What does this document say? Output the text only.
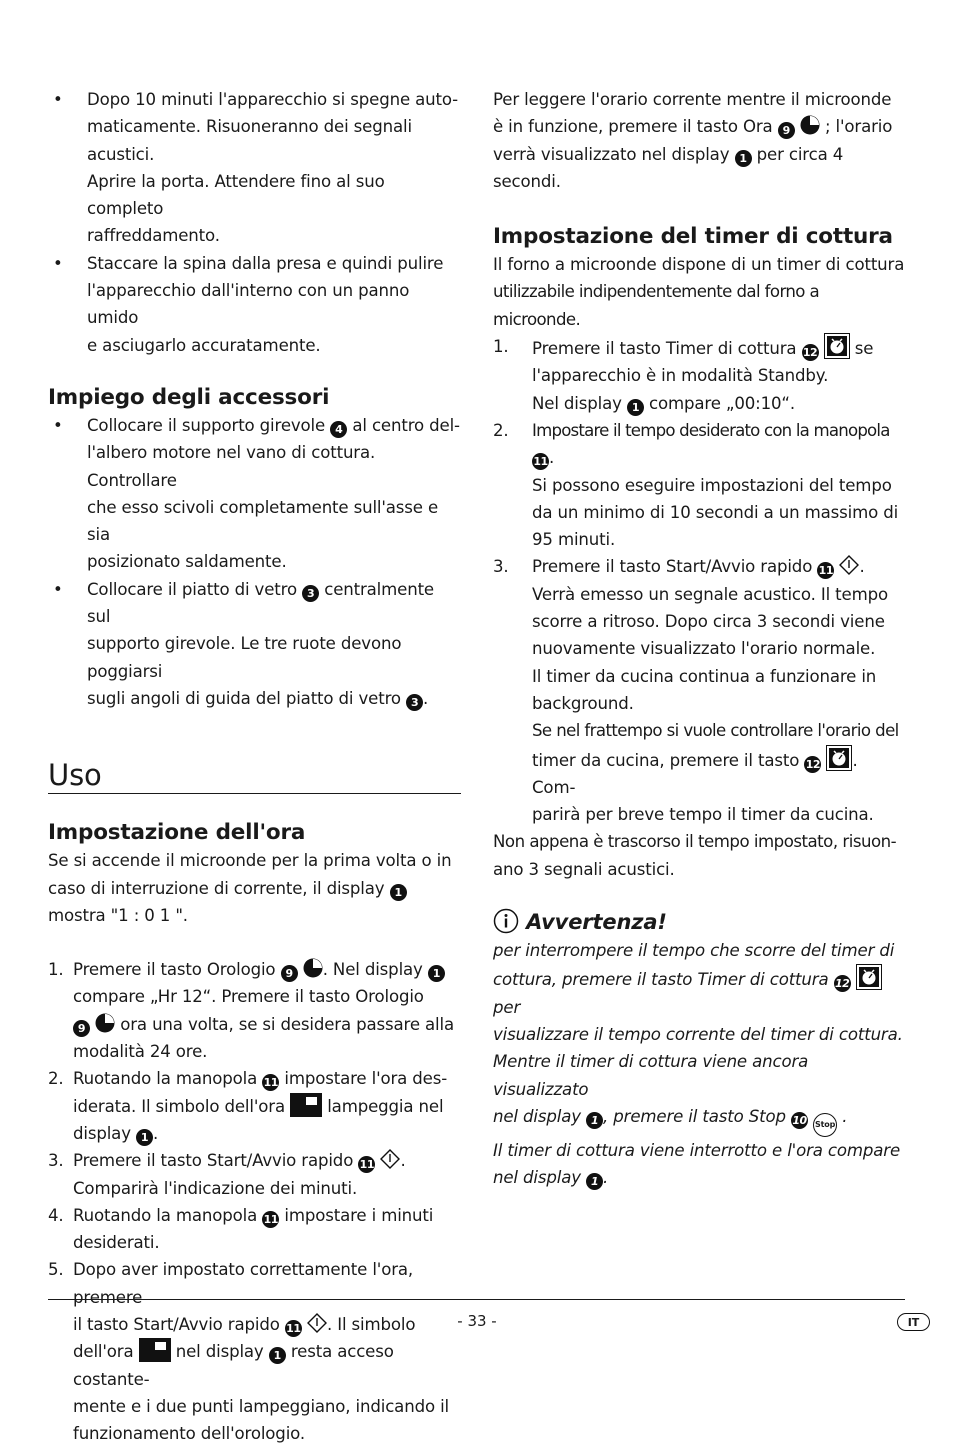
• Dopo 10 minuti l'apparecchio si spegne auto-
maticamente. Risuoneranno dei segnali acustici.
Aprire la porta. Attendere fino al suo completo
raffreddamento.

• Staccare la spina dalla presa e quindi pulire
l'apparecchio dall'interno con un panno umido
e asciugarlo accuratamente.

Impiego degli accessori

• Collocare il supporto girevole 4 al centro del-
l'albero motore nel vano di cottura. Controllare
che esso scivoli completamente sull'asse e sia
posizionato saldamente.

• Collocare il piatto di vetro 3 centralmente sul
supporto girevole. Le tre ruote devono poggiarsi
sugli angoli di guida del piatto di vetro 3 .

Uso
Impostazione dell'ora

Se si accende il microonde per la prima volta o in
caso di interruzione di corrente, il display 1
mostra "1 : 0 1 ".

1. Premere il tasto Orologio 9 . Nel display 1
compare „Hr 12“. Premere il tasto Orologio
9 ora una volta, se si desidera passare alla
modalità 24 ore.

2. Ruotando la manopola 11 impostare l'ora des-
iderata. Il simbolo dell'ora	lampeggia nel
display 1 .

3. Premere il tasto Start/Avvio rapido 11 .
Comparirà l'indicazione dei minuti.

4. Ruotando la manopola 11 impostare i minuti
desiderati.

5. Dopo aver impostato correttamente l'ora, premere
il tasto Start/Avvio rapido 11 . Il simbolo
dell'ora	nel display 1 resta acceso costante-
mente e i due punti lampeggiano, indicando il
funzionamento dell'orologio.

Per leggere l'orario corrente mentre il microonde
è in funzione, premere il tasto Ora 9 ; l'orario
verrà visualizzato nel display 1 per circa 4 secondi.

Impostazione del timer di cottura

Il forno a microonde dispone di un timer di cottura
utilizzabile indipendentemente dal forno a microonde.

1. Premere il tasto Timer di cottura 12 se
l'apparecchio è in modalità Standby.
Nel display 1 compare „00:10“.

2. Impostare il tempo desiderato con la manopola 11.
Si possono eseguire impostazioni del tempo
da un minimo di 10 secondi a un massimo di
95 minuti.

3. Premere il tasto Start/Avvio rapido 11 .
Verrà emesso un segnale acustico. Il tempo
scorre a ritroso. Dopo circa 3 secondi viene
nuovamente visualizzato l'orario normale.
Il timer da cucina continua a funzionare in
background.
Se nel frattempo si vuole controllare l'orario del
timer da cucina, premere il tasto 12 . Com-
parirà per breve tempo il timer da cucina.

Non appena è trascorso il tempo impostato, risuon-
ano 3 segnali acustici.

Avvertenza!

per interrompere il tempo che scorre del timer di
cottura, premere il tasto Timer di cottura 12  per
visualizzare il tempo corrente del timer di cottura.
Mentre il timer di cottura viene ancora visualizzato
nel display 1 , premere il tasto Stop 10 Stop .
Il timer di cottura viene interrotto e l'ora compare
nel display 1 .

- 33 -	IT
